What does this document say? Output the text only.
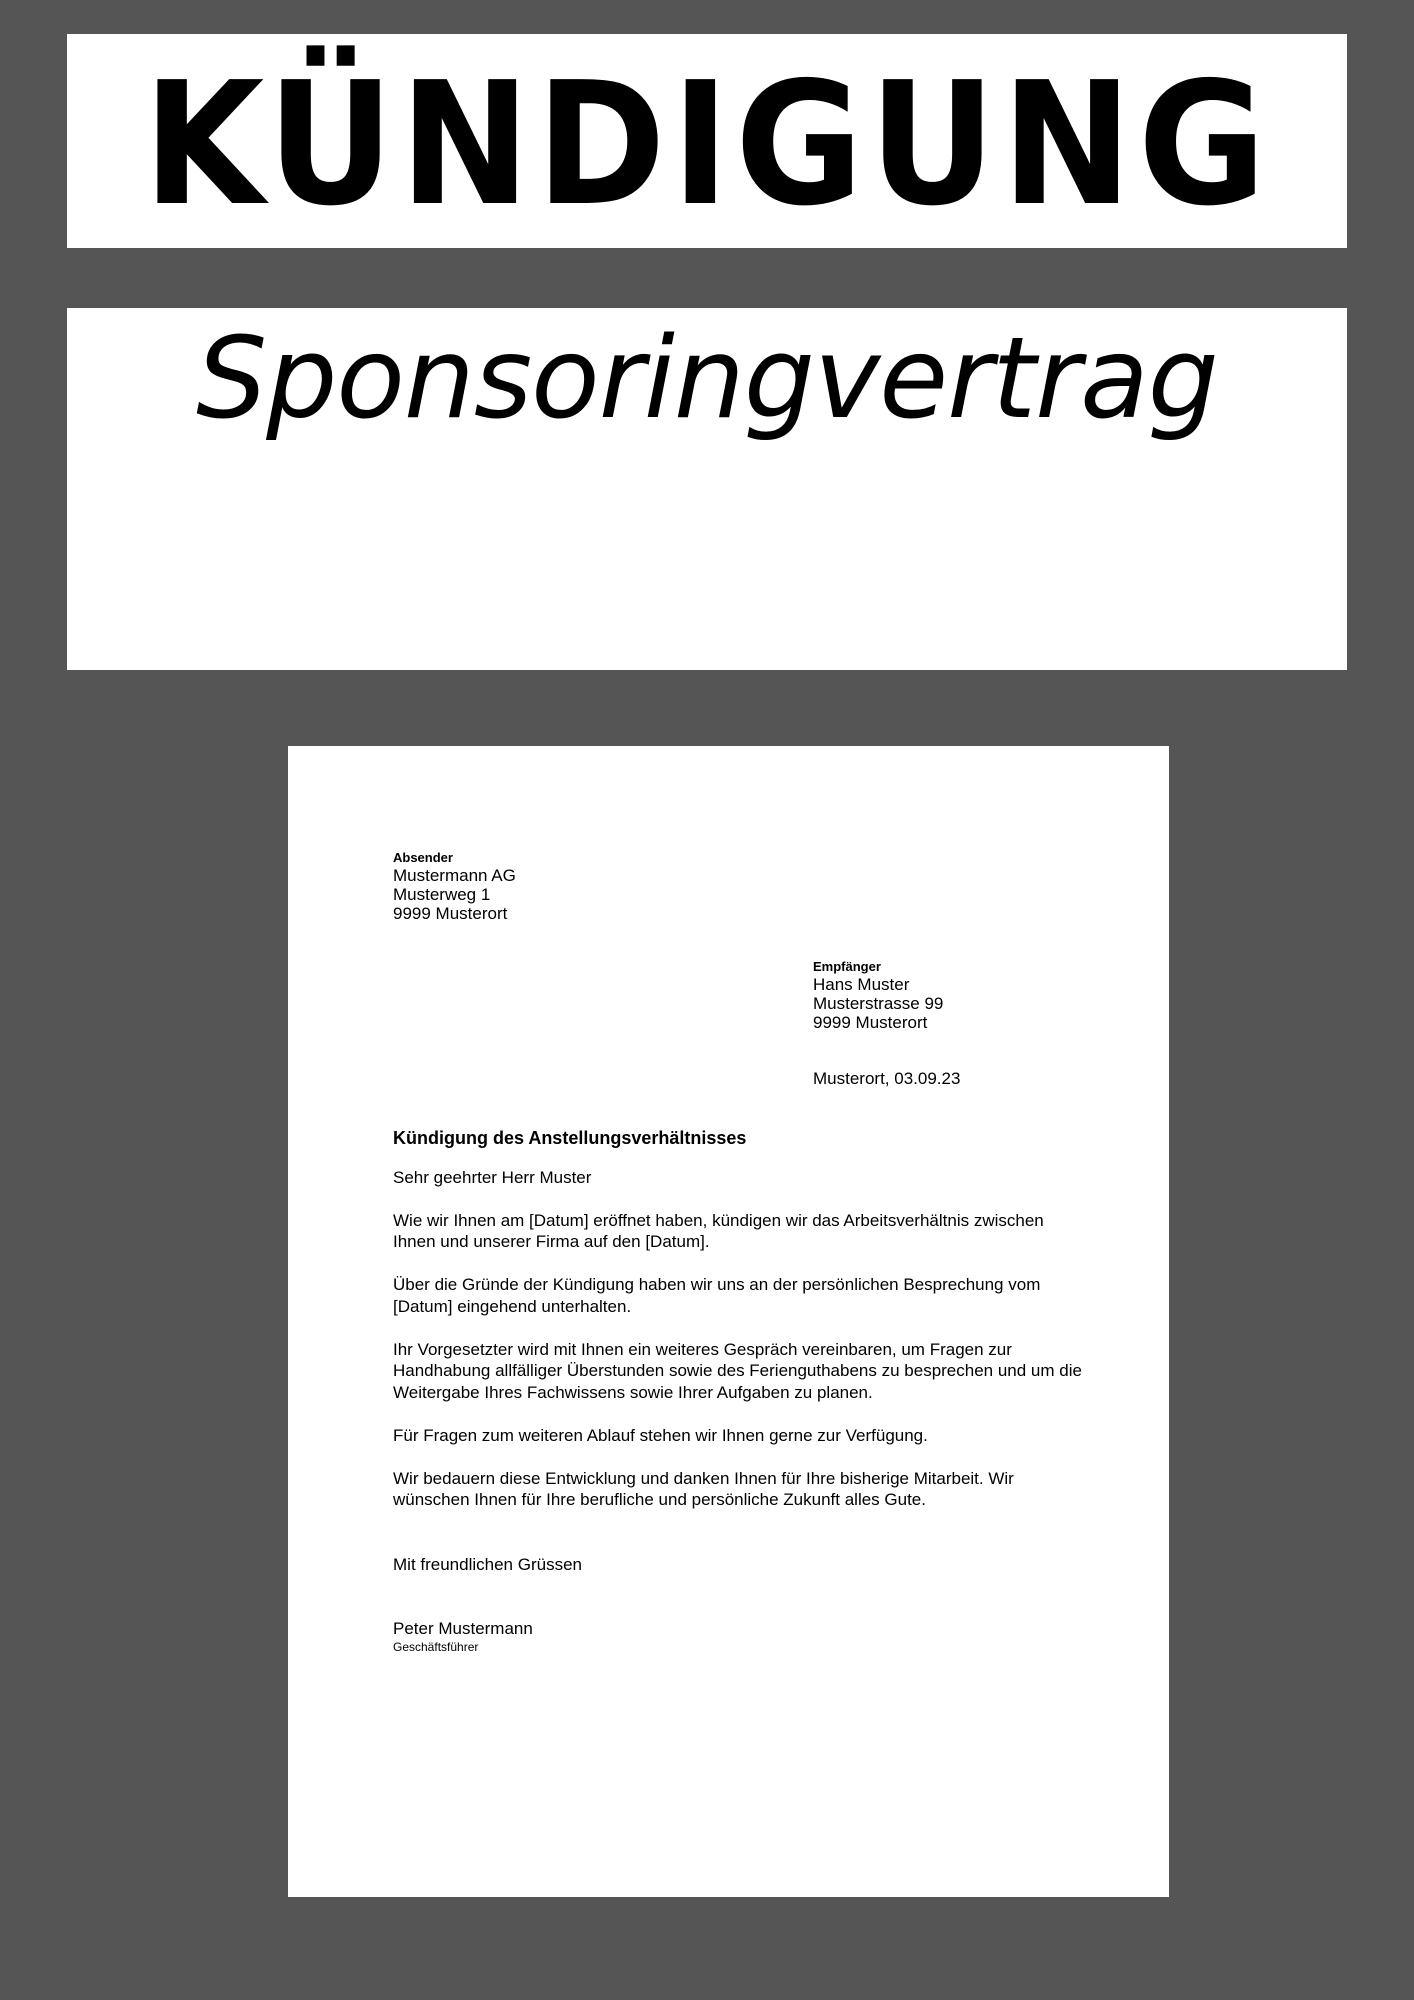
KÜNDIGUNG
Sponsoringvertrag
Absender
Mustermann AG
Musterweg 1
9999 Musterort
Empfänger
Hans Muster
Musterstrasse 99
9999 Musterort
Musterort, 03.09.23
Kündigung des Anstellungsverhältnisses

Sehr geehrter Herr Muster

Wie wir Ihnen am [Datum] eröffnet haben, kündigen wir das Arbeitsverhältnis zwischen Ihnen und unserer Firma auf den [Datum].

Über die Gründe der Kündigung haben wir uns an der persönlichen Besprechung vom [Datum] eingehend unterhalten.

Ihr Vorgesetzter wird mit Ihnen ein weiteres Gespräch vereinbaren, um Fragen zur Handhabung allfälliger Überstunden sowie des Ferienguthabens zu besprechen und um die Weitergabe Ihres Fachwissens sowie Ihrer Aufgaben zu planen.

Für Fragen zum weiteren Ablauf stehen wir Ihnen gerne zur Verfügung.

Wir bedauern diese Entwicklung und danken Ihnen für Ihre bisherige Mitarbeit. Wir wünschen Ihnen für Ihre berufliche und persönliche Zukunft alles Gute.

Mit freundlichen Grüssen

Peter Mustermann

Geschäftsführer
